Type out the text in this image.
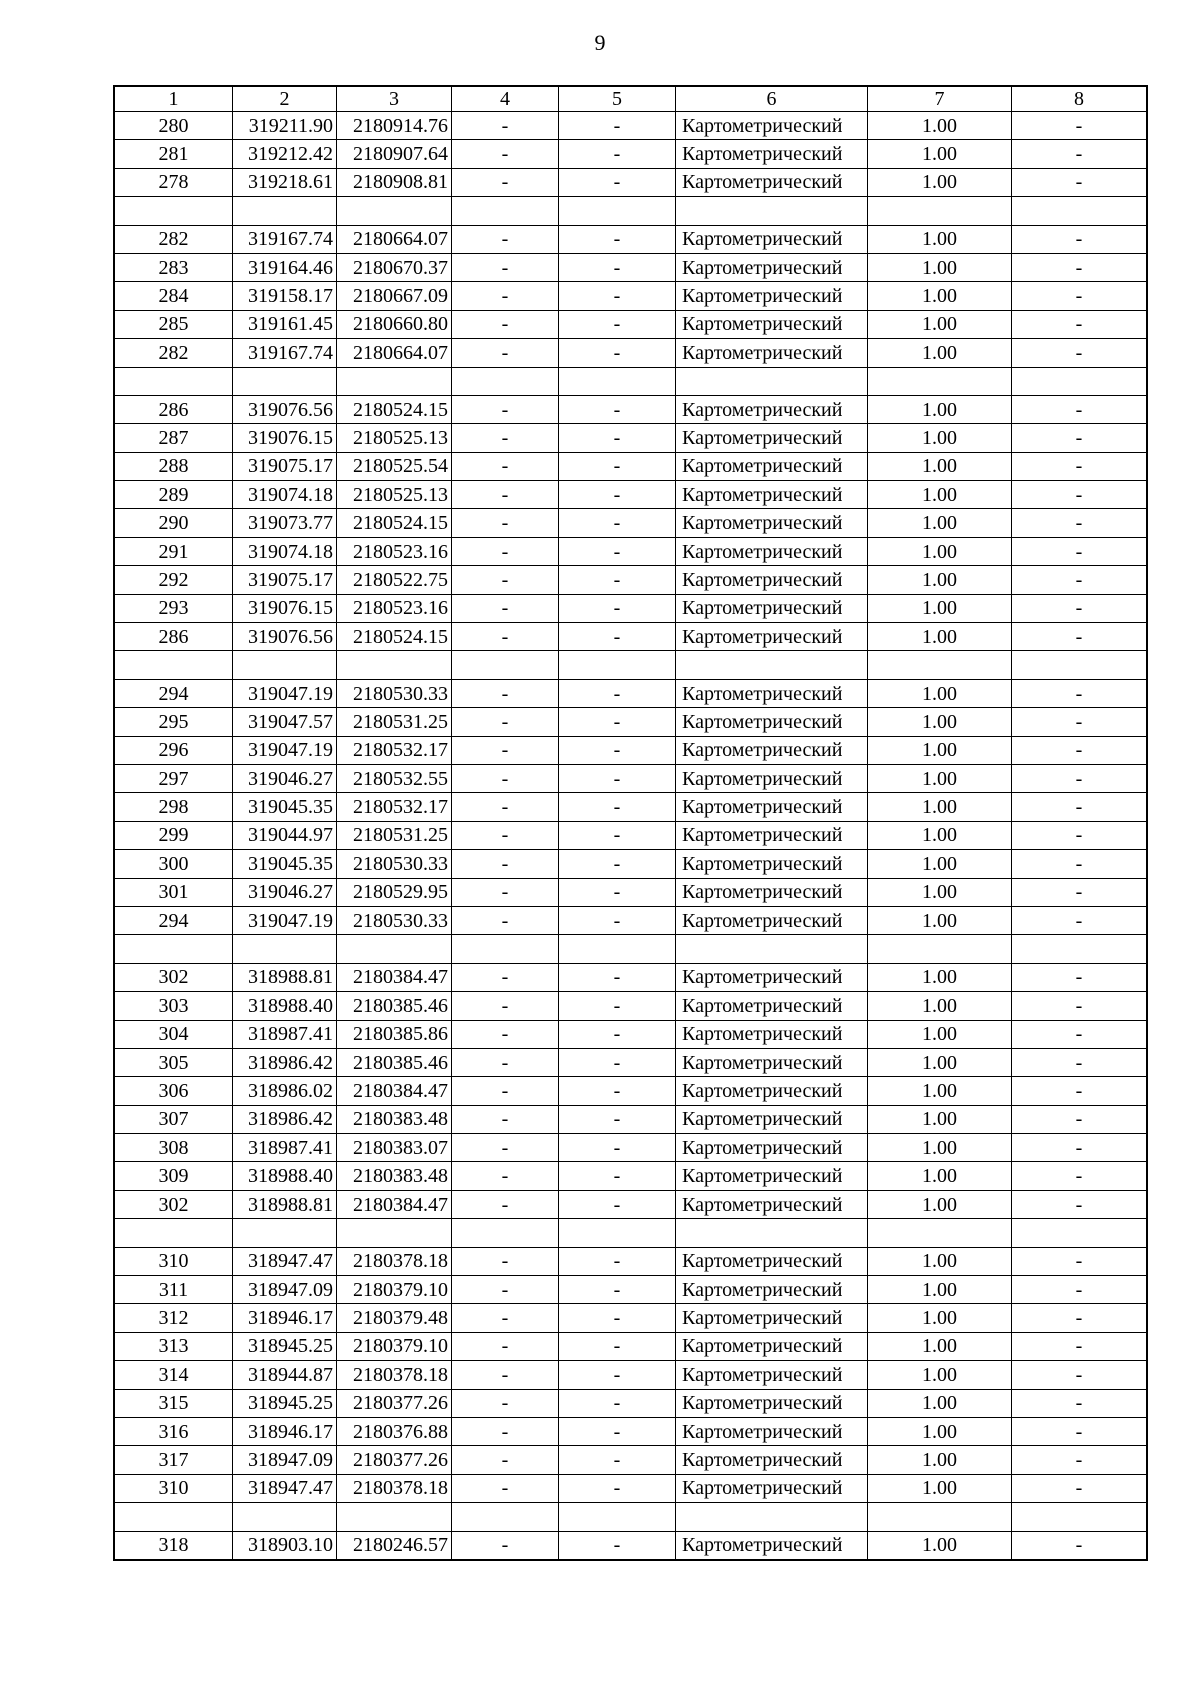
9
1	2	3	4	5	6	7	8
280	319211.90	2180914.76	-	-	Картометрический	1.00	-
281	319212.42	2180907.64	-	-	Картометрический	1.00	-
278	319218.61	2180908.81	-	-	Картометрический	1.00	-

282	319167.74	2180664.07	-	-	Картометрический	1.00	-
283	319164.46	2180670.37	-	-	Картометрический	1.00	-
284	319158.17	2180667.09	-	-	Картометрический	1.00	-
285	319161.45	2180660.80	-	-	Картометрический	1.00	-
282	319167.74	2180664.07	-	-	Картометрический	1.00	-

286	319076.56	2180524.15	-	-	Картометрический	1.00	-
287	319076.15	2180525.13	-	-	Картометрический	1.00	-
288	319075.17	2180525.54	-	-	Картометрический	1.00	-
289	319074.18	2180525.13	-	-	Картометрический	1.00	-
290	319073.77	2180524.15	-	-	Картометрический	1.00	-
291	319074.18	2180523.16	-	-	Картометрический	1.00	-
292	319075.17	2180522.75	-	-	Картометрический	1.00	-
293	319076.15	2180523.16	-	-	Картометрический	1.00	-
286	319076.56	2180524.15	-	-	Картометрический	1.00	-

294	319047.19	2180530.33	-	-	Картометрический	1.00	-
295	319047.57	2180531.25	-	-	Картометрический	1.00	-
296	319047.19	2180532.17	-	-	Картометрический	1.00	-
297	319046.27	2180532.55	-	-	Картометрический	1.00	-
298	319045.35	2180532.17	-	-	Картометрический	1.00	-
299	319044.97	2180531.25	-	-	Картометрический	1.00	-
300	319045.35	2180530.33	-	-	Картометрический	1.00	-
301	319046.27	2180529.95	-	-	Картометрический	1.00	-
294	319047.19	2180530.33	-	-	Картометрический	1.00	-

302	318988.81	2180384.47	-	-	Картометрический	1.00	-
303	318988.40	2180385.46	-	-	Картометрический	1.00	-
304	318987.41	2180385.86	-	-	Картометрический	1.00	-
305	318986.42	2180385.46	-	-	Картометрический	1.00	-
306	318986.02	2180384.47	-	-	Картометрический	1.00	-
307	318986.42	2180383.48	-	-	Картометрический	1.00	-
308	318987.41	2180383.07	-	-	Картометрический	1.00	-
309	318988.40	2180383.48	-	-	Картометрический	1.00	-
302	318988.81	2180384.47	-	-	Картометрический	1.00	-

310	318947.47	2180378.18	-	-	Картометрический	1.00	-
311	318947.09	2180379.10	-	-	Картометрический	1.00	-
312	318946.17	2180379.48	-	-	Картометрический	1.00	-
313	318945.25	2180379.10	-	-	Картометрический	1.00	-
314	318944.87	2180378.18	-	-	Картометрический	1.00	-
315	318945.25	2180377.26	-	-	Картометрический	1.00	-
316	318946.17	2180376.88	-	-	Картометрический	1.00	-
317	318947.09	2180377.26	-	-	Картометрический	1.00	-
310	318947.47	2180378.18	-	-	Картометрический	1.00	-

318	318903.10	2180246.57	-	-	Картометрический	1.00	-
